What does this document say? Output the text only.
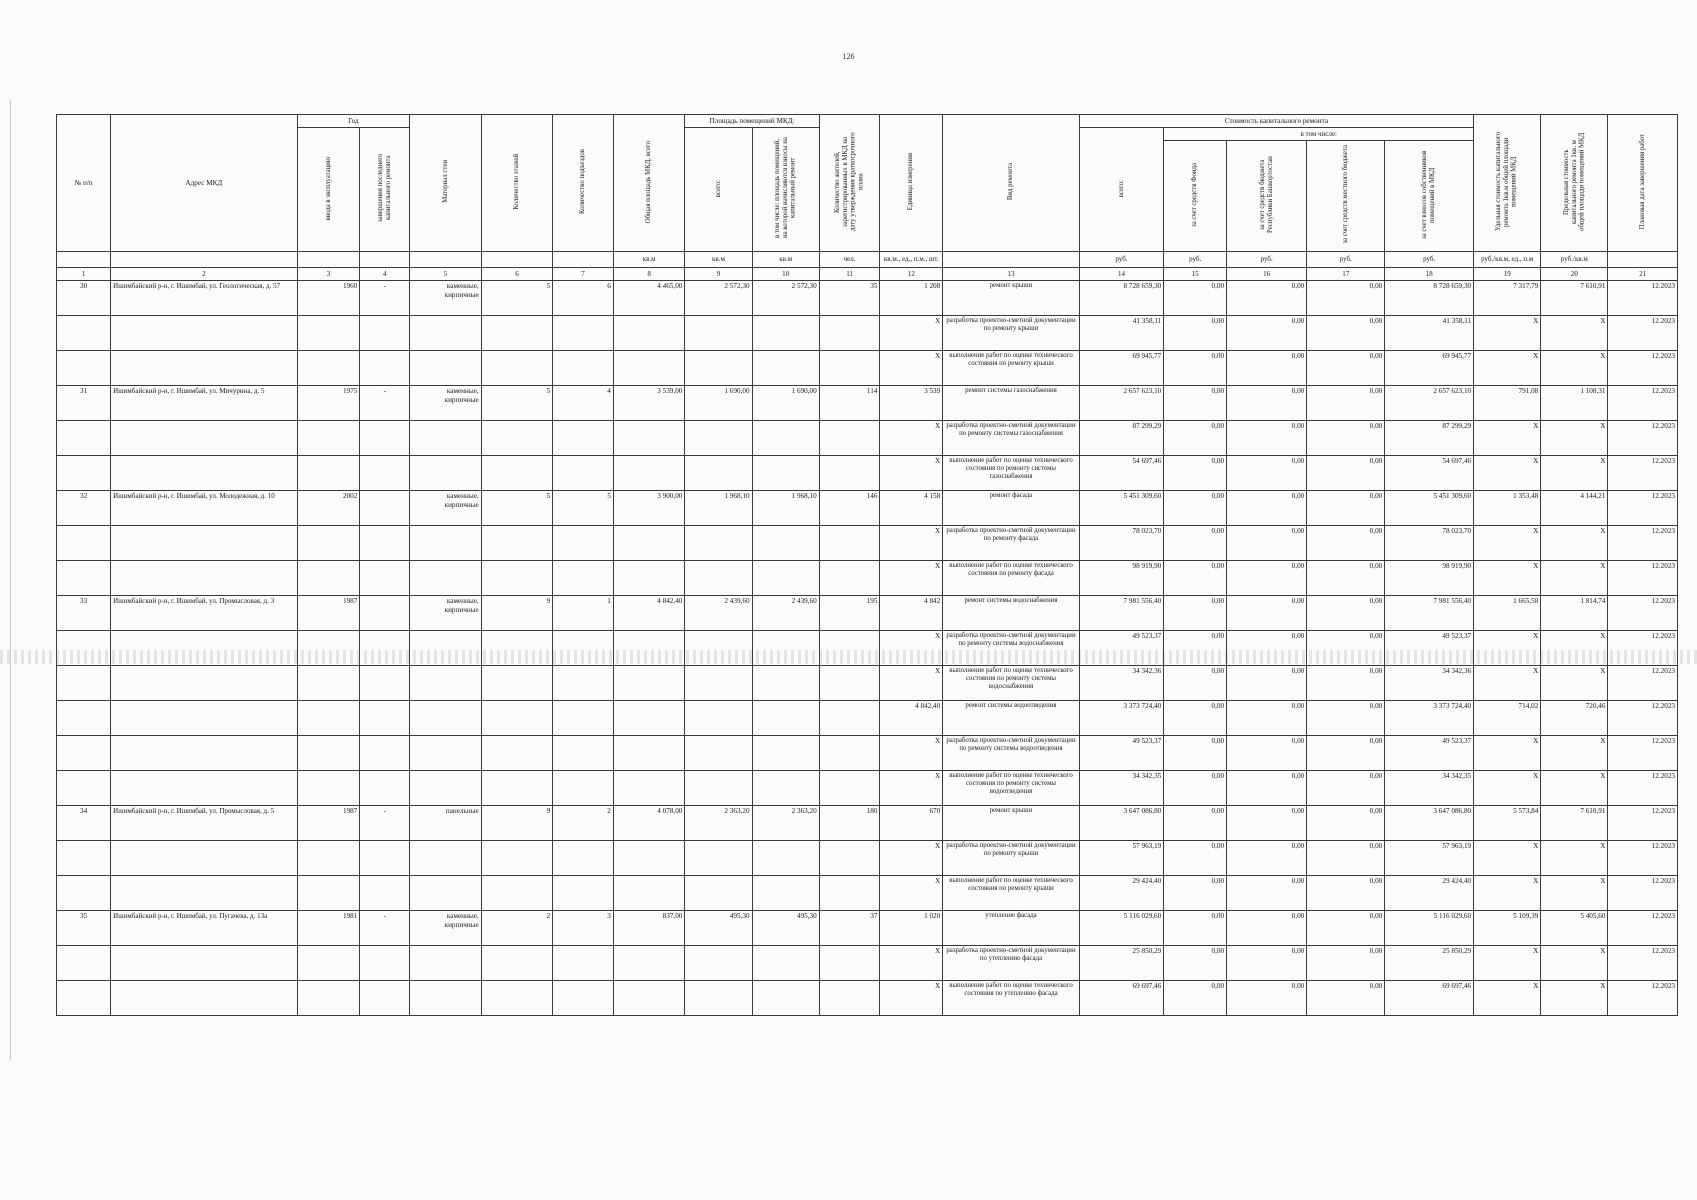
126
№ п/п	Адрес МКД	Год		Материал стен	Количество этажей	Количество подъездов	Общая площадь МКД, всего	Площадь помещений МКД:		Количество жителей, зарегистрированных в МКД на дату утверждения краткосрочного плана	Единица измерения	Вид ремонта	Стоимость капитального ремонта					Удельная стоимость капитального ремонта 1кв.м общей площади помещений МКД	Предельная стоимость капитального ремонта 1кв. м общей площади помещений МКД	Плановая дата завершения работ
		ввода в эксплуатацию	завершения последнего капитального ремонта					всего:	в том числе: площадь помещений, на которой начисляются взносы на капитальный ремонт				всего:	в том числе:						
														за счет средств Фонда	за счет средств бюджета Республики Башкортостан	за счет средств местного бюджета	за счет взносов собственников помещений в МКД			
							кв.м	кв.м	кв.м	чел.	кв.м., ед., п.м., шт.		руб.	руб.	руб.	руб.	руб.	руб./кв.м, ед., п.м	руб./кв.м	
1	2	3	4	5	6	7	8	9	10	11	12	13	14	15	16	17	18	19	20	21
30	Ишимбайский р-н, г. Ишимбай, ул. Геологическая, д. 57	1960	-	каменные, кирпичные	5	6	4 465,00	2 572,30	2 572,30	35	1 208	ремонт крыши	8 728 659,30	0,00	0,00	0,00	8 728 659,30	7 317,79	7 610,91	12.2023
											X	разработка проектно-сметной документации по ремонту крыши	41 358,11	0,00	0,00	0,00	41 358,11	X	X	12.2023
											X	выполнение работ по оценке технического состояния по ремонту крыши	69 945,77	0,00	0,00	0,00	69 945,77	X	X	12.2023
31	Ишимбайский р-н, г. Ишимбай, ул. Мичурина, д. 5	1975	-	каменные, кирпичные	5	4	3 539,00	1 690,00	1 690,00	114	3 539	ремонт системы газоснабжения	2 657 623,10	0,00	0,00	0,00	2 657 623,10	791,08	1 108,31	12.2023
											X	разработка проектно-сметной документации по ремонту системы газоснабжения	87 299,29	0,00	0,00	0,00	87 299,29	X	X	12.2023
											X	выполнение работ по оценке технического состояния по ремонту системы газоснабжения	54 697,46	0,00	0,00	0,00	54 697,46	X	X	12.2023
32	Ишимбайский р-н, г. Ишимбай, ул. Молодежная, д. 10	2002		каменные, кирпичные	5	5	3 900,00	1 968,10	1 968,10	146	4 158	ремонт фасада	5 451 309,60	0,00	0,00	0,00	5 451 309,60	1 353,48	4 144,21	12.2023
											X	разработка проектно-сметной документации по ремонту фасада	78 023,70	0,00	0,00	0,00	78 023,70	X	X	12.2023
											X	выполнение работ по оценке технического состояния по ремонту фасада	98 919,90	0,00	0,00	0,00	98 919,90	X	X	12.2023
33	Ишимбайский р-н, г. Ишимбай, ул. Промысловая, д. 3	1987		каменные, кирпичные	9	1	4 842,40	2 439,60	2 439,60	195	4 842	ремонт системы водоснабжения	7 981 556,40	0,00	0,00	0,00	7 981 556,40	1 665,58	1 814,74	12.2023
											X	разработка проектно-сметной документации по ремонту системы водоснабжения	49 523,37	0,00	0,00	0,00	49 523,37	X	X	12.2023
											X	выполнение работ по оценке технического состояния по ремонту системы водоснабжения	34 342,36	0,00	0,00	0,00	34 342,36	X	X	12.2023
											4 842,40	ремонт системы водоотведения	3 373 724,40	0,00	0,00	0,00	3 373 724,40	714,02	720,46	12.2023
											X	разработка проектно-сметной документации по ремонту системы водоотведения	49 523,37	0,00	0,00	0,00	49 523,37	X	X	12.2023
											X	выполнение работ по оценке технического состояния по ремонту системы водоотведения	34 342,35	0,00	0,00	0,00	34 342,35	X	X	12.2023
34	Ишимбайский р-н, г. Ишимбай, ул. Промысловая, д. 5	1987	-	панельные	9	2	4 078,00	2 363,20	2 363,20	180	670	ремонт крыши	3 647 086,80	0,00	0,00	0,00	3 647 086,80	5 573,84	7 610,91	12.2023
											X	разработка проектно-сметной документации по ремонту крыши	57 963,19	0,00	0,00	0,00	57 963,19	X	X	12.2023
											X	выполнение работ по оценке технического состояния по ремонту крыши	29 424,40	0,00	0,00	0,00	29 424,40	X	X	12.2023
35	Ишимбайский р-н, г. Ишимбай, ул. Пугачева, д. 13а	1981	-	каменные, кирпичные	2	3	837,00	495,30	495,30	37	1 020	утепление фасада	5 116 029,60	0,00	0,00	0,00	5 116 029,60	5 109,39	5 405,60	12.2023
											X	разработка проектно-сметной документации по утеплению фасада	25 850,29	0,00	0,00	0,00	25 850,29	X	X	12.2023
											X	выполнение работ по оценке технического состояния по утеплению фасада	69 697,46	0,00	0,00	0,00	69 697,46	X	X	12.2023
